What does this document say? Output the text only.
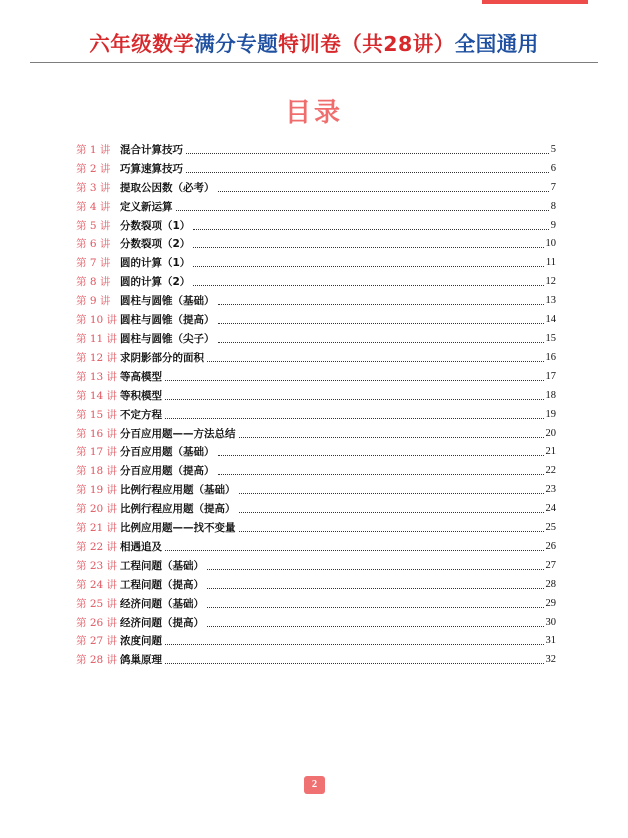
六年级数学满分专题特训卷（共28讲）全国通用
目录
第 1 讲 混合计算技巧	5
第 2 讲 巧算速算技巧	6
第 3 讲 提取公因数（必考）	7
第 4 讲 定义新运算	8
第 5 讲 分数裂项（1）	9
第 6 讲 分数裂项（2）	10
第 7 讲 圆的计算（1）	11
第 8 讲 圆的计算（2）	12
第 9 讲 圆柱与圆锥（基础）	13
第 10 讲 圆柱与圆锥（提高）	14
第 11 讲 圆柱与圆锥（尖子）	15
第 12 讲 求阴影部分的面积	16
第 13 讲 等高模型	17
第 14 讲 等积模型	18
第 15 讲 不定方程	19
第 16 讲 分百应用题——方法总结	20
第 17 讲 分百应用题（基础）	21
第 18 讲 分百应用题（提高）	22
第 19 讲 比例行程应用题（基础）	23
第 20 讲 比例行程应用题（提高）	24
第 21 讲 比例应用题——找不变量	25
第 22 讲 相遇追及	26
第 23 讲 工程问题（基础）	27
第 24 讲 工程问题（提高）	28
第 25 讲 经济问题（基础）	29
第 26 讲 经济问题（提高）	30
第 27 讲 浓度问题	31
第 28 讲 鸽巢原理	32
2
